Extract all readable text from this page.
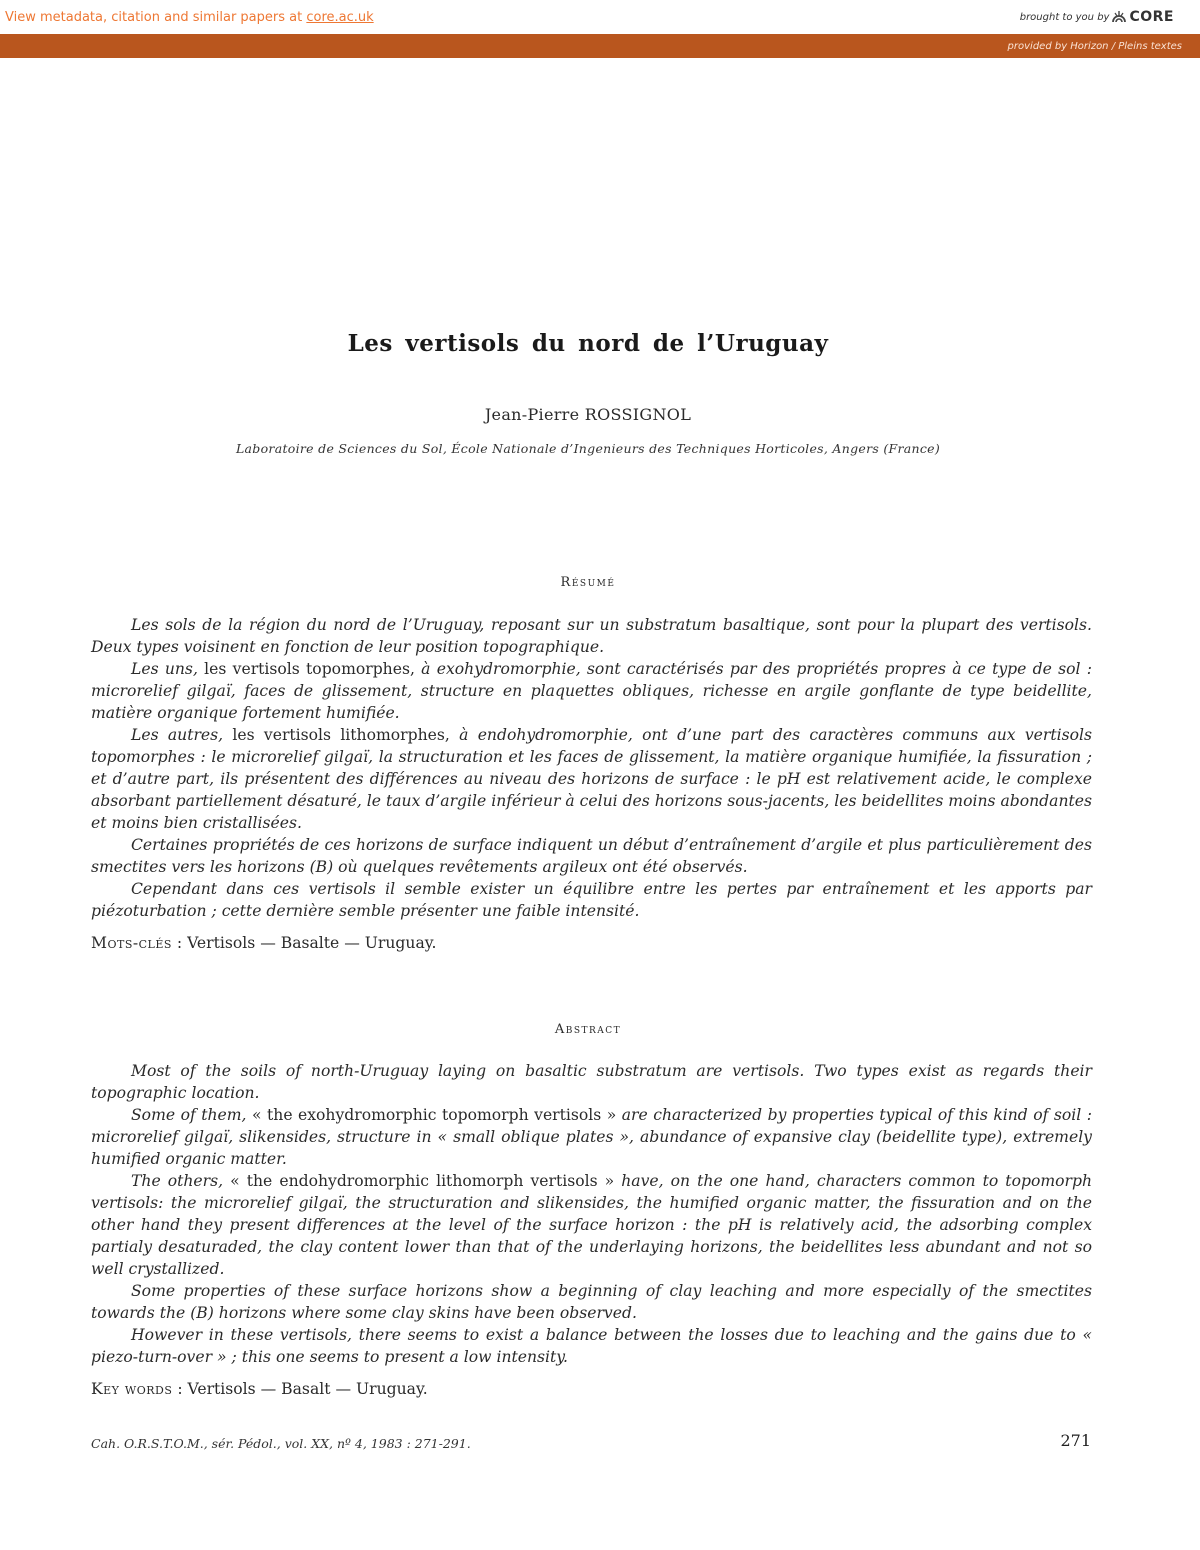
View metadata, citation and similar papers at core.ac.uk	brought to you by CORE
provided by Horizon / Pleins textes
Les vertisols du nord de l’Uruguay
Jean-Pierre ROSSIGNOL
Laboratoire de Sciences du Sol, École Nationale d’Ingenieurs des Techniques Horticoles, Angers (France)
Résumé

Les sols de la région du nord de l’Uruguay, reposant sur un substratum basaltique, sont pour la plupart des vertisols. Deux types voisinent en fonction de leur position topographique.

Les uns, les vertisols topomorphes, à exohydromorphie, sont caractérisés par des propriétés propres à ce type de sol : microrelief gilgaï, faces de glissement, structure en plaquettes obliques, richesse en argile gonflante de type beidellite, matière organique fortement humifiée.

Les autres, les vertisols lithomorphes, à endohydromorphie, ont d’une part des caractères communs aux vertisols topomorphes : le microrelief gilgaï, la structuration et les faces de glissement, la matière organique humifiée, la fissuration ; et d’autre part, ils présentent des différences au niveau des horizons de surface : le pH est relativement acide, le complexe absorbant partiellement désaturé, le taux d’argile inférieur à celui des horizons sous-jacents, les beidellites moins abondantes et moins bien cristallisées.

Certaines propriétés de ces horizons de surface indiquent un début d’entraînement d’argile et plus particulièrement des smectites vers les horizons (B) où quelques revêtements argileux ont été observés.

Cependant dans ces vertisols il semble exister un équilibre entre les pertes par entraînement et les apports par piézoturbation ; cette dernière semble présenter une faible intensité.

Mots-clés : Vertisols — Basalte — Uruguay.
Abstract

Most of the soils of north-Uruguay laying on basaltic substratum are vertisols. Two types exist as regards their topographic location.

Some of them, « the exohydromorphic topomorph vertisols » are characterized by properties typical of this kind of soil : microrelief gilgaï, slikensides, structure in « small oblique plates », abundance of expansive clay (beidellite type), extremely humified organic matter.

The others, « the endohydromorphic lithomorph vertisols » have, on the one hand, characters common to topomorph vertisols: the microrelief gilgaï, the structuration and slikensides, the humified organic matter, the fissuration and on the other hand they present differences at the level of the surface horizon : the pH is relatively acid, the adsorbing complex partialy desaturaded, the clay content lower than that of the underlaying horizons, the beidellites less abundant and not so well crystallized.

Some properties of these surface horizons show a beginning of clay leaching and more especially of the smectites towards the (B) horizons where some clay skins have been observed.

However in these vertisols, there seems to exist a balance between the losses due to leaching and the gains due to « piezo-turn-over » ; this one seems to present a low intensity.

Key words : Vertisols — Basalt — Uruguay.
Cah. O.R.S.T.O.M., sér. Pédol., vol. XX, nº 4, 1983 : 271-291.	271
